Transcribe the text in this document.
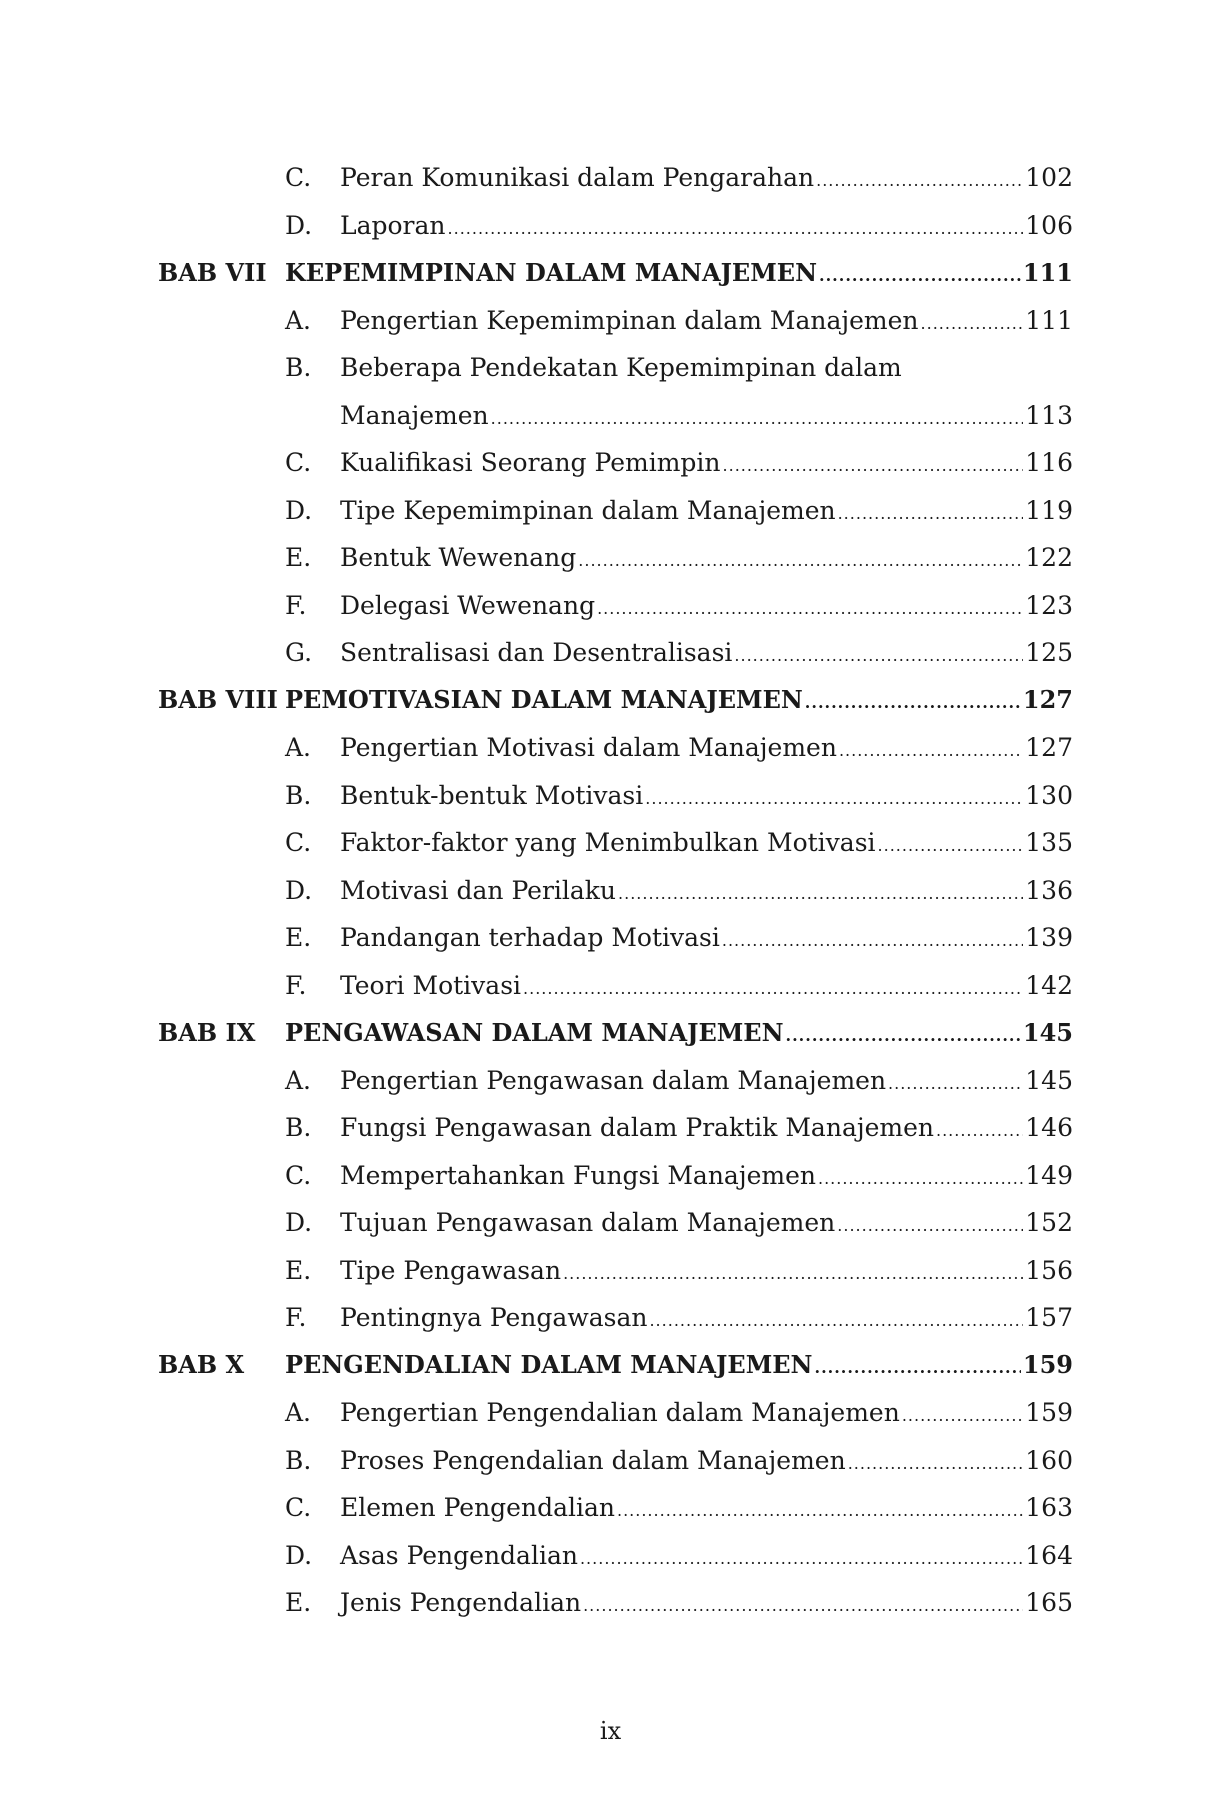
C. Peran Komunikasi dalam Pengarahan .....	102
D. Laporan .....	106
BAB VII KEPEMIMPINAN DALAM MANAJEMEN .....	111
A. Pengertian Kepemimpinan dalam Manajemen .....	111
B. Beberapa Pendekatan Kepemimpinan dalam
Manajemen .....	113
C. Kualifikasi Seorang Pemimpin .....	116
D. Tipe Kepemimpinan dalam Manajemen .....	119
E. Bentuk Wewenang .....	122
F. Delegasi Wewenang .....	123
G. Sentralisasi dan Desentralisasi .....	125
BAB VIII PEMOTIVASIAN DALAM MANAJEMEN .....	127
A. Pengertian Motivasi dalam Manajemen .....	127
B. Bentuk-bentuk Motivasi .....	130
C. Faktor-faktor yang Menimbulkan Motivasi .....	135
D. Motivasi dan Perilaku .....	136
E. Pandangan terhadap Motivasi .....	139
F. Teori Motivasi .....	142
BAB IX PENGAWASAN DALAM MANAJEMEN .....	145
A. Pengertian Pengawasan dalam Manajemen .....	145
B. Fungsi Pengawasan dalam Praktik Manajemen .....	146
C. Mempertahankan Fungsi Manajemen .....	149
D. Tujuan Pengawasan dalam Manajemen .....	152
E. Tipe Pengawasan .....	156
F. Pentingnya Pengawasan .....	157
BAB X PENGENDALIAN DALAM MANAJEMEN .....	159
A. Pengertian Pengendalian dalam Manajemen .....	159
B. Proses Pengendalian dalam Manajemen .....	160
C. Elemen Pengendalian .....	163
D. Asas Pengendalian .....	164
E. Jenis Pengendalian .....	165
ix
